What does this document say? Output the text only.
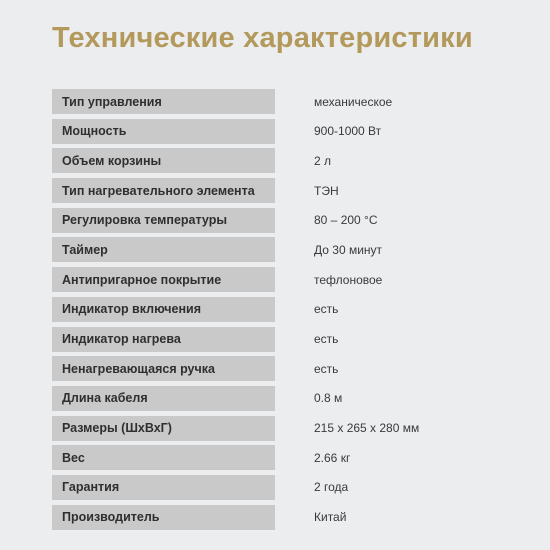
Технические характеристики
Тип управления	механическое
Мощность	900-1000 Вт
Объем корзины	2 л
Тип нагревательного элемента	ТЭН
Регулировка температуры	80 – 200 °С
Таймер	До 30 минут
Антипригарное покрытие	тефлоновое
Индикатор включения	есть
Индикатор нагрева	есть
Ненагревающаяся ручка	есть
Длина кабеля	0.8 м
Размеры (ШхВхГ)	215 х 265 х 280 мм
Вес	2.66 кг
Гарантия	2 года
Производитель	Китай
